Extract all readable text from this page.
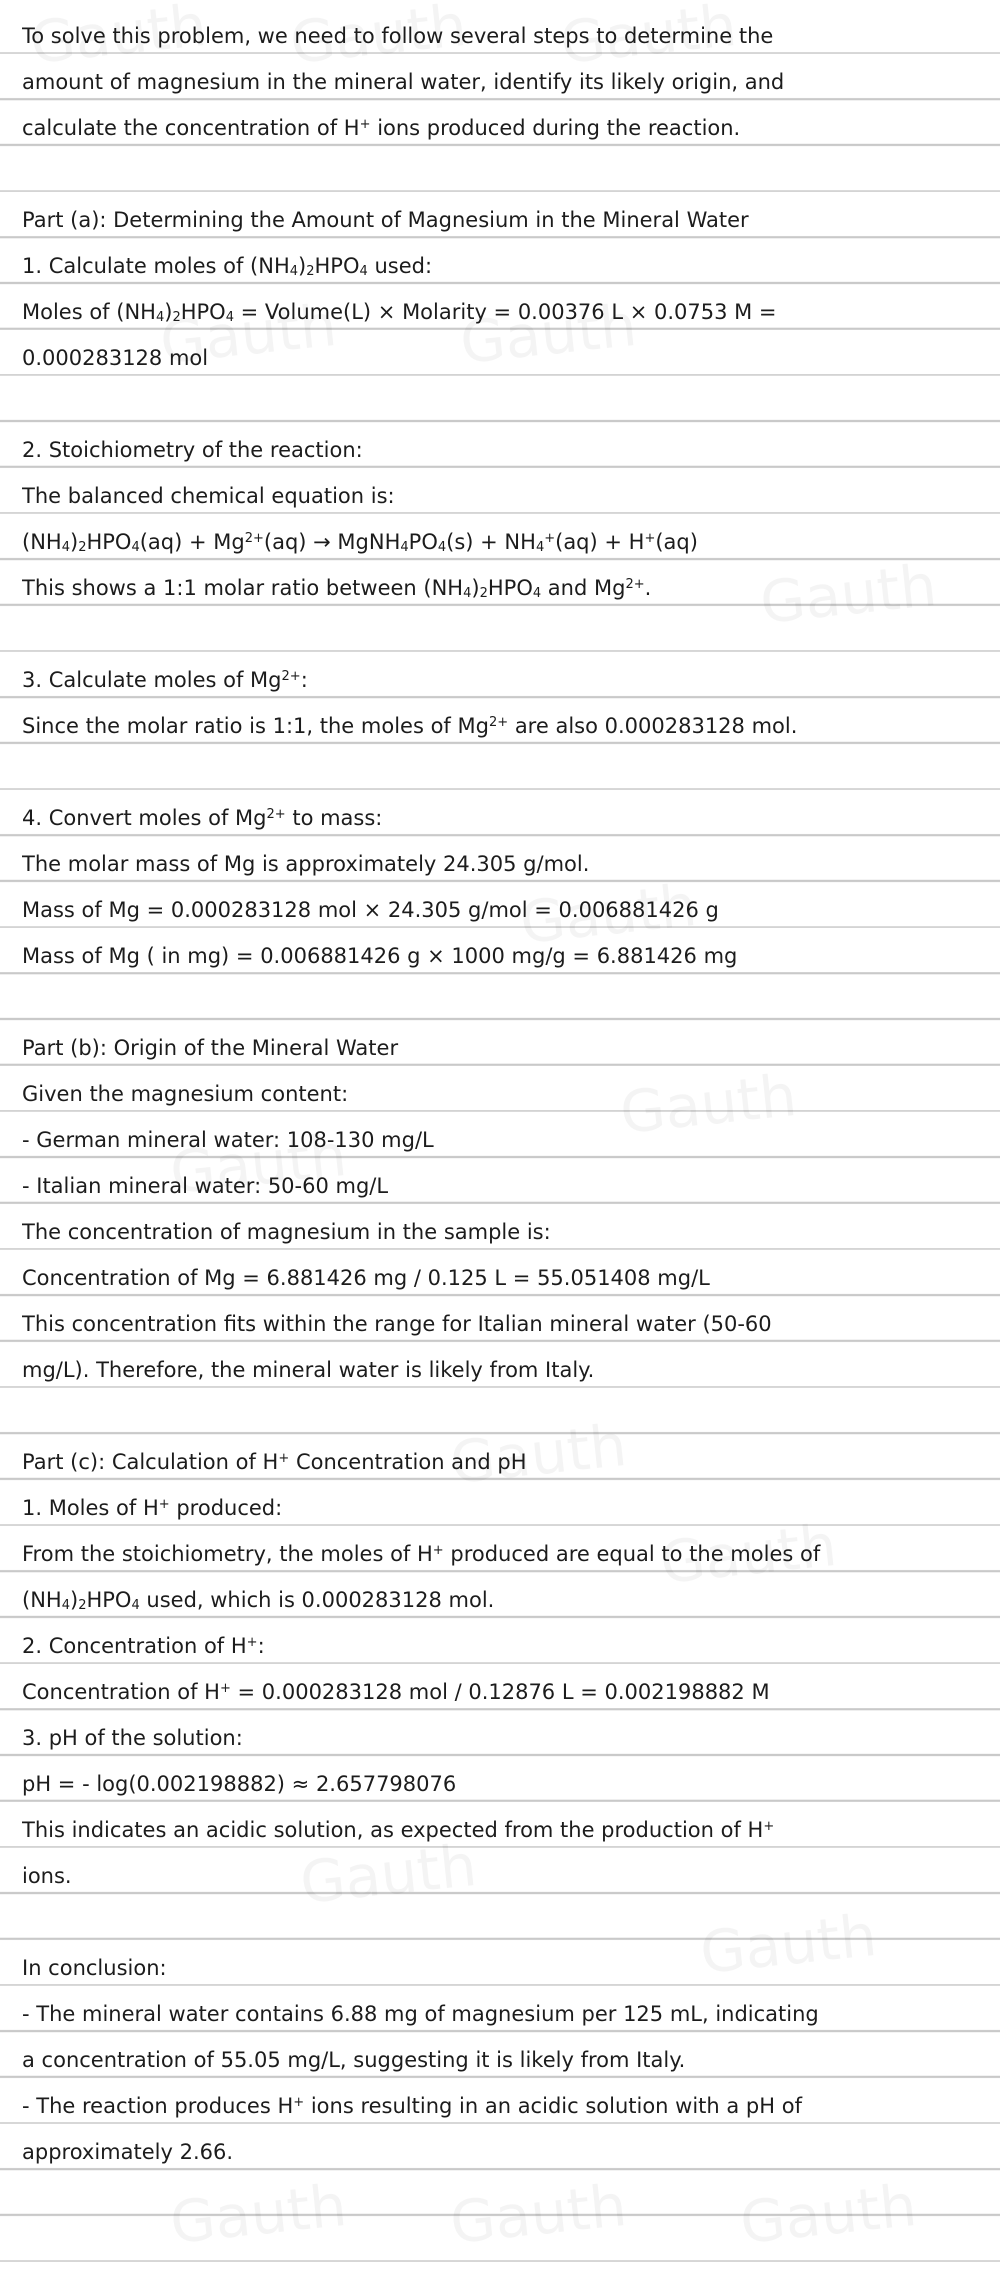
To solve this problem, we need to follow several steps to determine the
amount of magnesium in the mineral water, identify its likely origin, and
calculate the concentration of H+ ions produced during the reaction.
Part (a): Determining the Amount of Magnesium in the Mineral Water
1. Calculate moles of $(NH_4)_2HPO_4$ used:
Moles of $(NH_4)_2HPO_4$ = Volume(L) × Molarity = 0.00376 L × 0.0753 M =
0.000283128 mol
2. Stoichiometry of the reaction:
The balanced chemical equation is:
$(NH_4)_2HPO_4(aq) + Mg^{2+}(aq)$ → $MgNH_4PO_4(s) + NH_4^+(aq) + H^+(aq)$
This shows a 1:1 molar ratio between $(NH_4)_2HPO_4$ and $Mg^{2+}$.
3. Calculate moles of $Mg^{2+}$:
Since the molar ratio is 1:1, the moles of $Mg^{2+}$ are also 0.000283128 mol.
4. Convert moles of $Mg^{2+}$ to mass:
The molar mass of Mg is approximately 24.305 g/mol.
Mass of Mg = 0.000283128 mol × 24.305 g/mol = 0.006881426 g
Mass of Mg ( in mg) = 0.006881426 g × 1000 mg/g = 6.881426 mg
Part (b): Origin of the Mineral Water
Given the magnesium content:
- German mineral water: 108-130 mg/L
- Italian mineral water: 50-60 mg/L
The concentration of magnesium in the sample is:
Concentration of Mg = 6.881426 mg / 0.125 L = 55.051408 mg/L
This concentration fits within the range for Italian mineral water (50-60
mg/L). Therefore, the mineral water is likely from Italy.
Part (c): Calculation of H+ Concentration and pH
1. Moles of H+ produced:
From the stoichiometry, the moles of H+ produced are equal to the moles of
$(NH_4)_2HPO_4$ used, which is 0.000283128 mol.
2. Concentration of H+:
Concentration of H+ = 0.000283128 mol / 0.12876 L = 0.002198882 M
3. pH of the solution:
pH = - log(0.002198882) ≈ 2.657798076
This indicates an acidic solution, as expected from the production of H+
ions.
In conclusion:
- The mineral water contains 6.88 mg of magnesium per 125 mL, indicating
a concentration of 55.05 mg/L, suggesting it is likely from Italy.
- The reaction produces H+ ions resulting in an acidic solution with a pH of
approximately 2.66.
